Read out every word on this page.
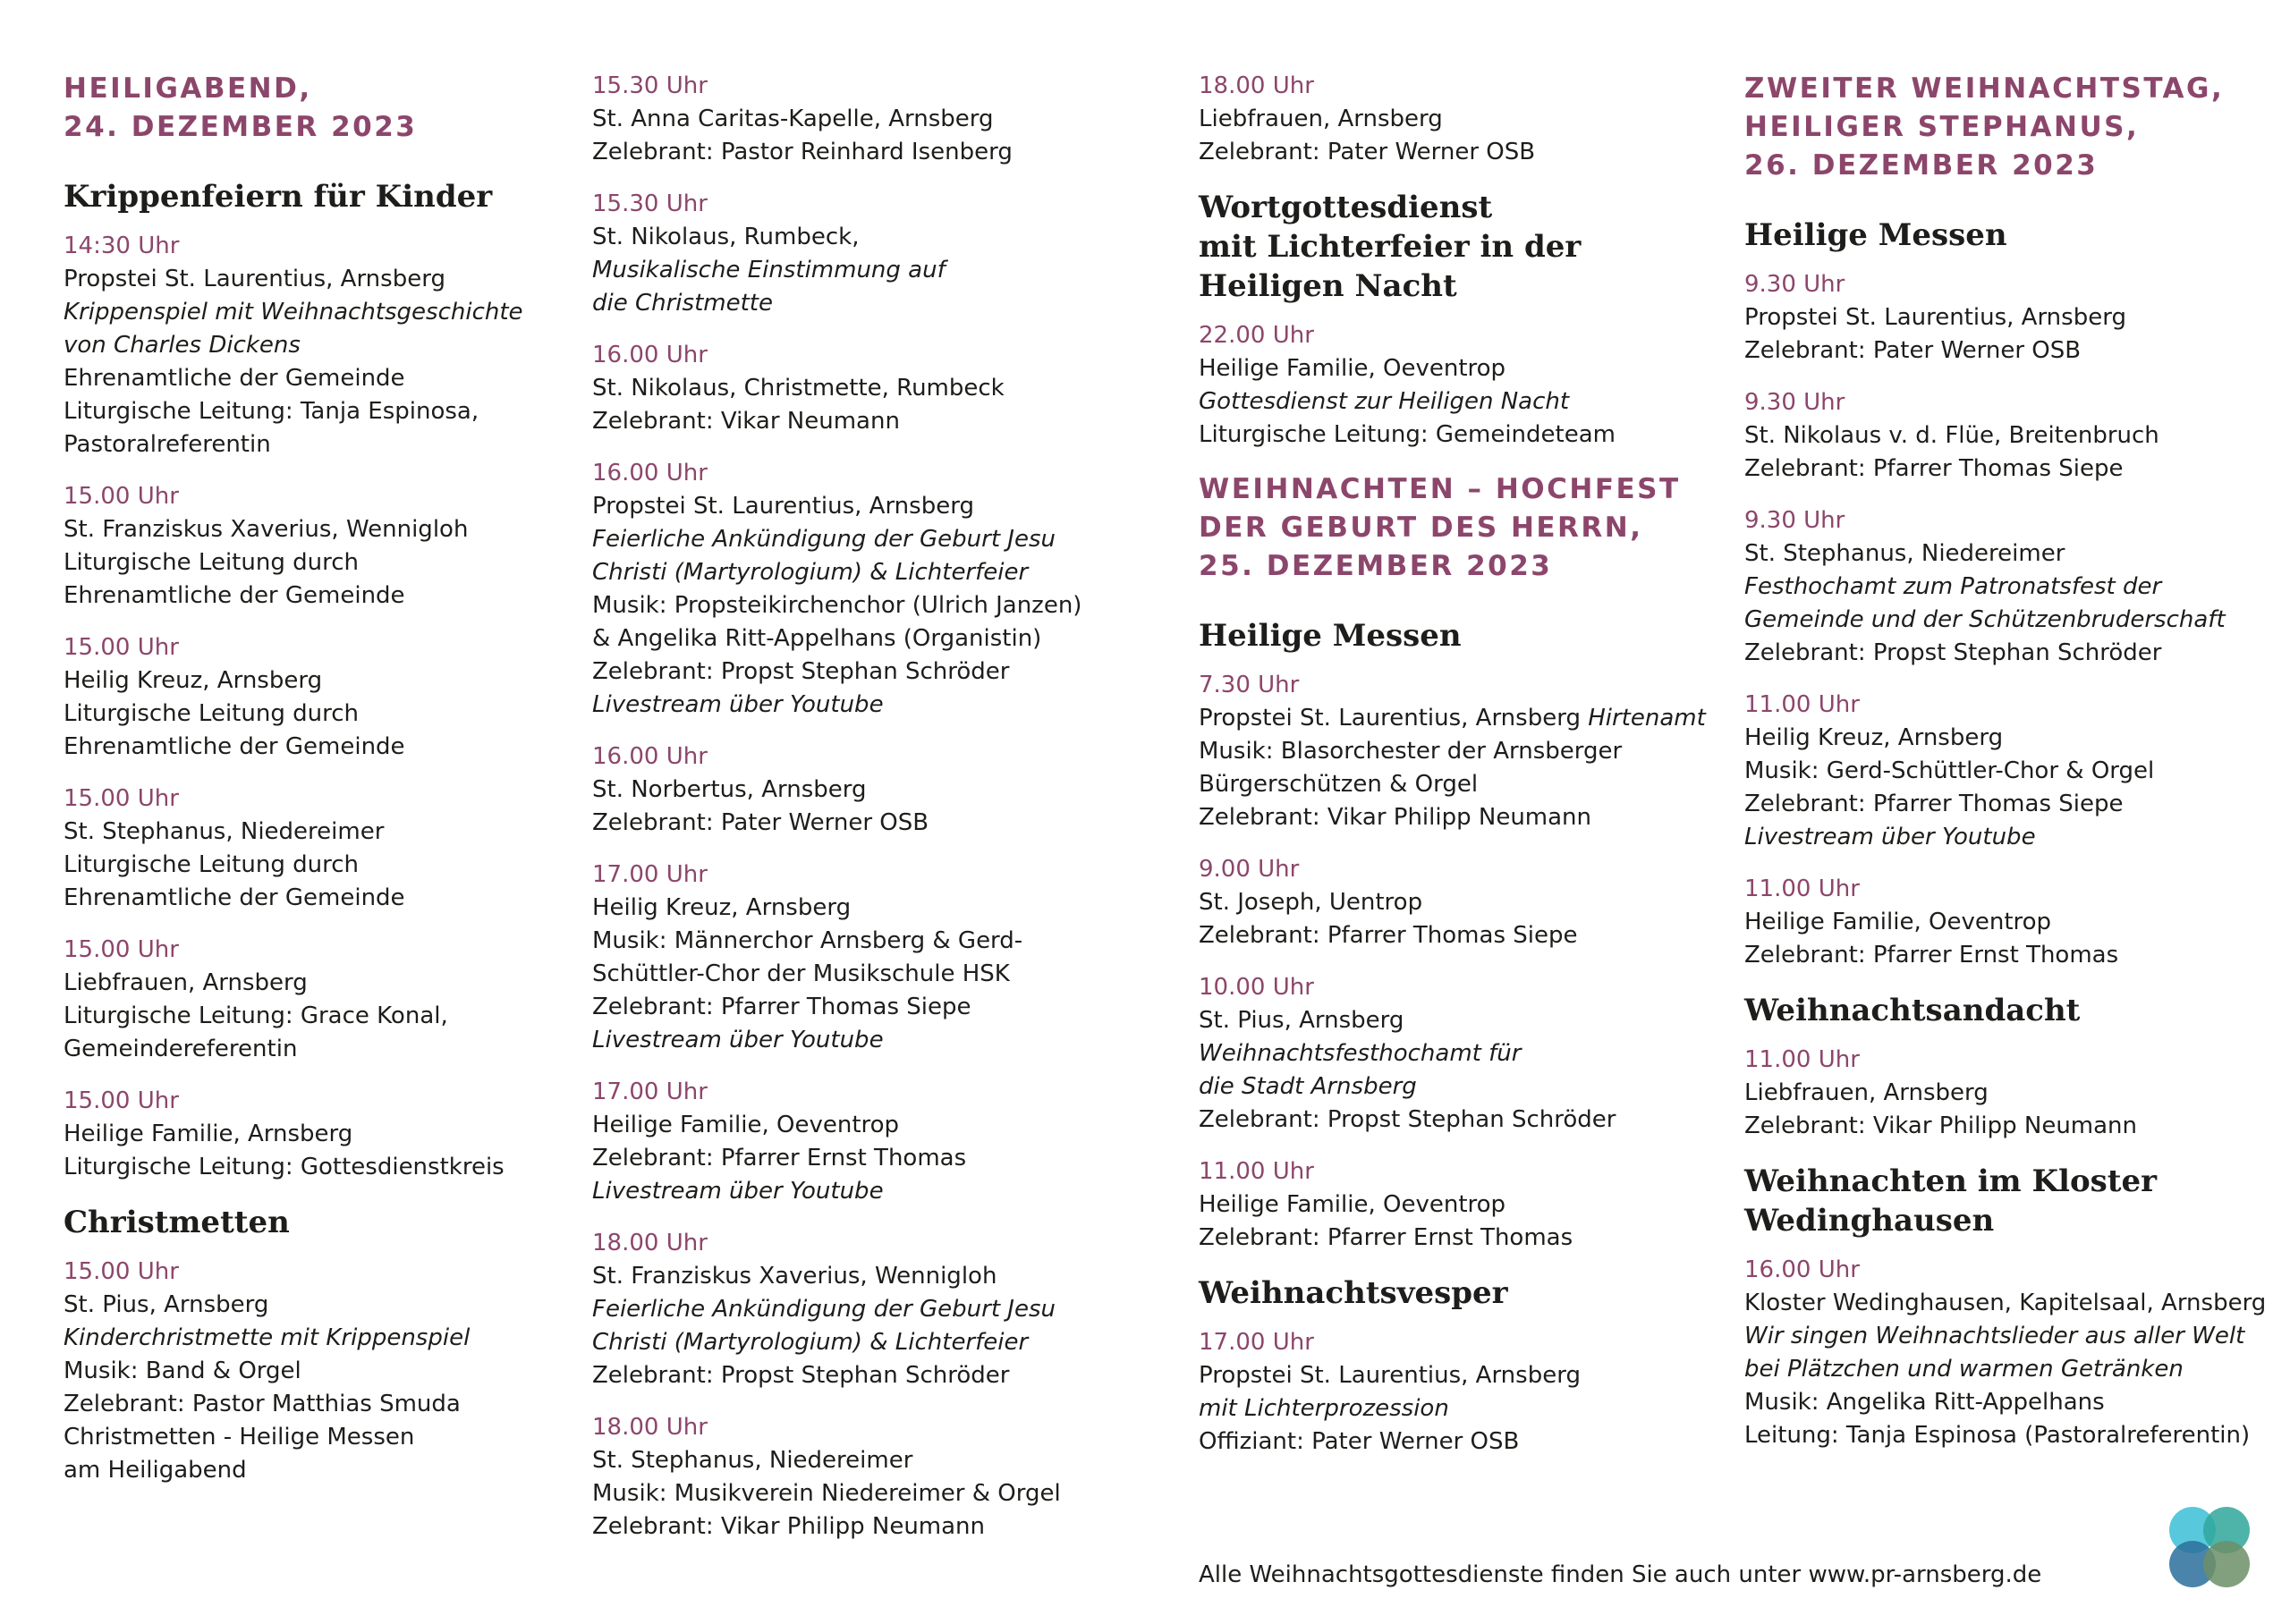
HEILIGABEND,
24. DEZEMBER 2023
Krippenfeiern für Kinder
14:30 Uhr
Propstei St. Laurentius, Arnsberg
Krippenspiel mit Weihnachtsgeschichte
von Charles Dickens
Ehrenamtliche der Gemeinde
Liturgische Leitung: Tanja Espinosa,
Pastoralreferentin
15.00 Uhr
St. Franziskus Xaverius, Wennigloh
Liturgische Leitung durch
Ehrenamtliche der Gemeinde
15.00 Uhr
Heilig Kreuz, Arnsberg
Liturgische Leitung durch
Ehrenamtliche der Gemeinde
15.00 Uhr
St. Stephanus, Niedereimer
Liturgische Leitung durch
Ehrenamtliche der Gemeinde
15.00 Uhr
Liebfrauen, Arnsberg
Liturgische Leitung: Grace Konal,
Gemeindereferentin
15.00 Uhr
Heilige Familie, Arnsberg
Liturgische Leitung: Gottesdienstkreis
Christmetten
15.00 Uhr
St. Pius, Arnsberg
Kinderchristmette mit Krippenspiel
Musik: Band & Orgel
Zelebrant: Pastor Matthias Smuda
Christmetten - Heilige Messen
am Heiligabend
15.30 Uhr
St. Anna Caritas-Kapelle, Arnsberg
Zelebrant: Pastor Reinhard Isenberg
15.30 Uhr
St. Nikolaus, Rumbeck,
Musikalische Einstimmung auf
die Christmette
16.00 Uhr
St. Nikolaus, Christmette, Rumbeck
Zelebrant: Vikar Neumann
16.00 Uhr
Propstei St. Laurentius, Arnsberg
Feierliche Ankündigung der Geburt Jesu
Christi (Martyrologium) & Lichterfeier
Musik: Propsteikirchenchor (Ulrich Janzen)
& Angelika Ritt-Appelhans (Organistin)
Zelebrant: Propst Stephan Schröder
Livestream über Youtube
16.00 Uhr
St. Norbertus, Arnsberg
Zelebrant: Pater Werner OSB
17.00 Uhr
Heilig Kreuz, Arnsberg
Musik: Männerchor Arnsberg & Gerd-
Schüttler-Chor der Musikschule HSK
Zelebrant: Pfarrer Thomas Siepe
Livestream über Youtube
17.00 Uhr
Heilige Familie, Oeventrop
Zelebrant: Pfarrer Ernst Thomas
Livestream über Youtube
18.00 Uhr
St. Franziskus Xaverius, Wennigloh
Feierliche Ankündigung der Geburt Jesu
Christi (Martyrologium) & Lichterfeier
Zelebrant: Propst Stephan Schröder
18.00 Uhr
St. Stephanus, Niedereimer
Musik: Musikverein Niedereimer & Orgel
Zelebrant: Vikar Philipp Neumann
18.00 Uhr
Liebfrauen, Arnsberg
Zelebrant: Pater Werner OSB
Wortgottesdienst
mit Lichterfeier in der
Heiligen Nacht
22.00 Uhr
Heilige Familie, Oeventrop
Gottesdienst zur Heiligen Nacht
Liturgische Leitung: Gemeindeteam
WEIHNACHTEN – HOCHFEST
DER GEBURT DES HERRN,
25. DEZEMBER 2023
Heilige Messen
7.30 Uhr
Propstei St. Laurentius, Arnsberg Hirtenamt
Musik: Blasorchester der Arnsberger
Bürgerschützen & Orgel
Zelebrant: Vikar Philipp Neumann
9.00 Uhr
St. Joseph, Uentrop
Zelebrant: Pfarrer Thomas Siepe
10.00 Uhr
St. Pius, Arnsberg
Weihnachtsfesthochamt für
die Stadt Arnsberg
Zelebrant: Propst Stephan Schröder
11.00 Uhr
Heilige Familie, Oeventrop
Zelebrant: Pfarrer Ernst Thomas
Weihnachtsvesper
17.00 Uhr
Propstei St. Laurentius, Arnsberg
mit Lichterprozession
Offiziant: Pater Werner OSB
ZWEITER WEIHNACHTSTAG,
HEILIGER STEPHANUS,
26. DEZEMBER 2023
Heilige Messen
9.30 Uhr
Propstei St. Laurentius, Arnsberg
Zelebrant: Pater Werner OSB
9.30 Uhr
St. Nikolaus v. d. Flüe, Breitenbruch
Zelebrant: Pfarrer Thomas Siepe
9.30 Uhr
St. Stephanus, Niedereimer
Festhochamt zum Patronatsfest der
Gemeinde und der Schützenbruderschaft
Zelebrant: Propst Stephan Schröder
11.00 Uhr
Heilig Kreuz, Arnsberg
Musik: Gerd-Schüttler-Chor & Orgel
Zelebrant: Pfarrer Thomas Siepe
Livestream über Youtube
11.00 Uhr
Heilige Familie, Oeventrop
Zelebrant: Pfarrer Ernst Thomas
Weihnachtsandacht
11.00 Uhr
Liebfrauen, Arnsberg
Zelebrant: Vikar Philipp Neumann
Weihnachten im Kloster
Wedinghausen
16.00 Uhr
Kloster Wedinghausen, Kapitelsaal, Arnsberg
Wir singen Weihnachtslieder aus aller Welt
bei Plätzchen und warmen Getränken
Musik: Angelika Ritt-Appelhans
Leitung: Tanja Espinosa (Pastoralreferentin)
Alle Weihnachtsgottesdienste finden Sie auch unter www.pr-arnsberg.de
